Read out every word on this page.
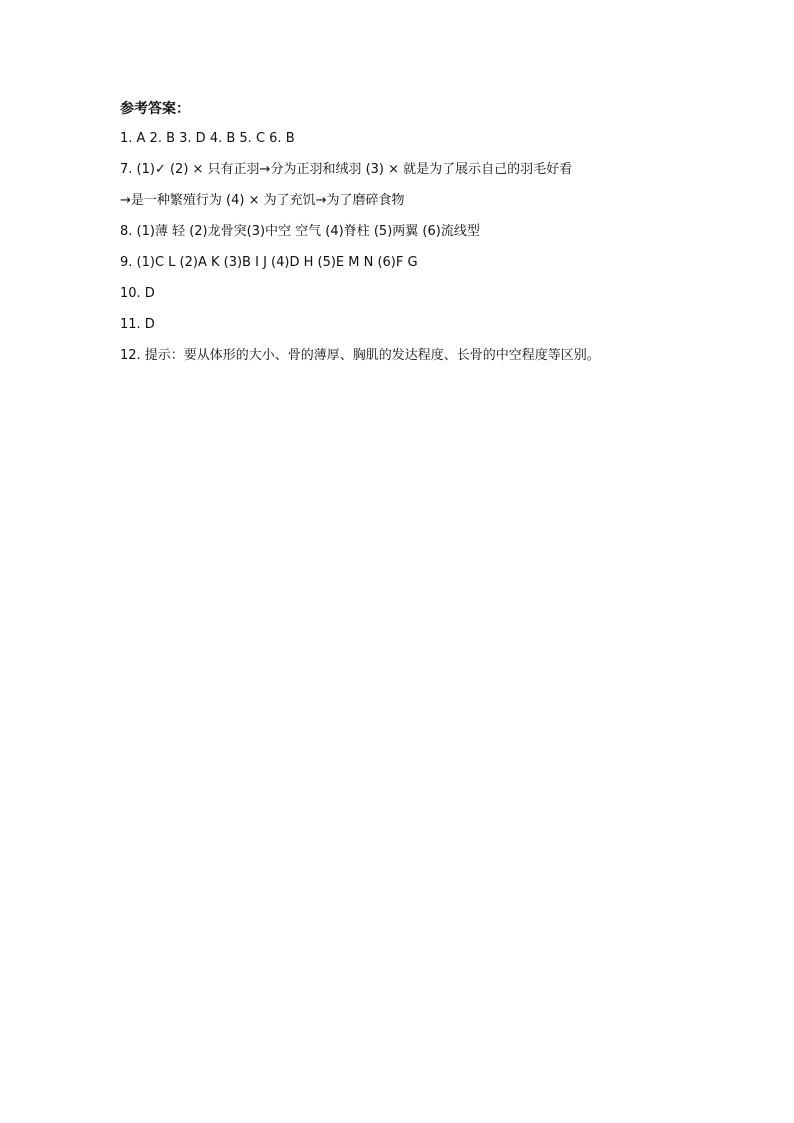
参考答案：
1. A 2. B 3. D 4. B 5. C 6. B
7. (1)✓ (2) × 只有正羽→分为正羽和绒羽 (3) × 就是为了展示自己的羽毛好看
→是一种繁殖行为 (4) × 为了充饥→为了磨碎食物
8. (1)薄 轻 (2)龙骨突(3)中空 空气 (4)脊柱 (5)两翼 (6)流线型
9. (1)C L (2)A K (3)B I J (4)D H (5)E M N (6)F G
10. D
11. D
12. 提示：要从体形的大小、骨的薄厚、胸肌的发达程度、长骨的中空程度等区别。
